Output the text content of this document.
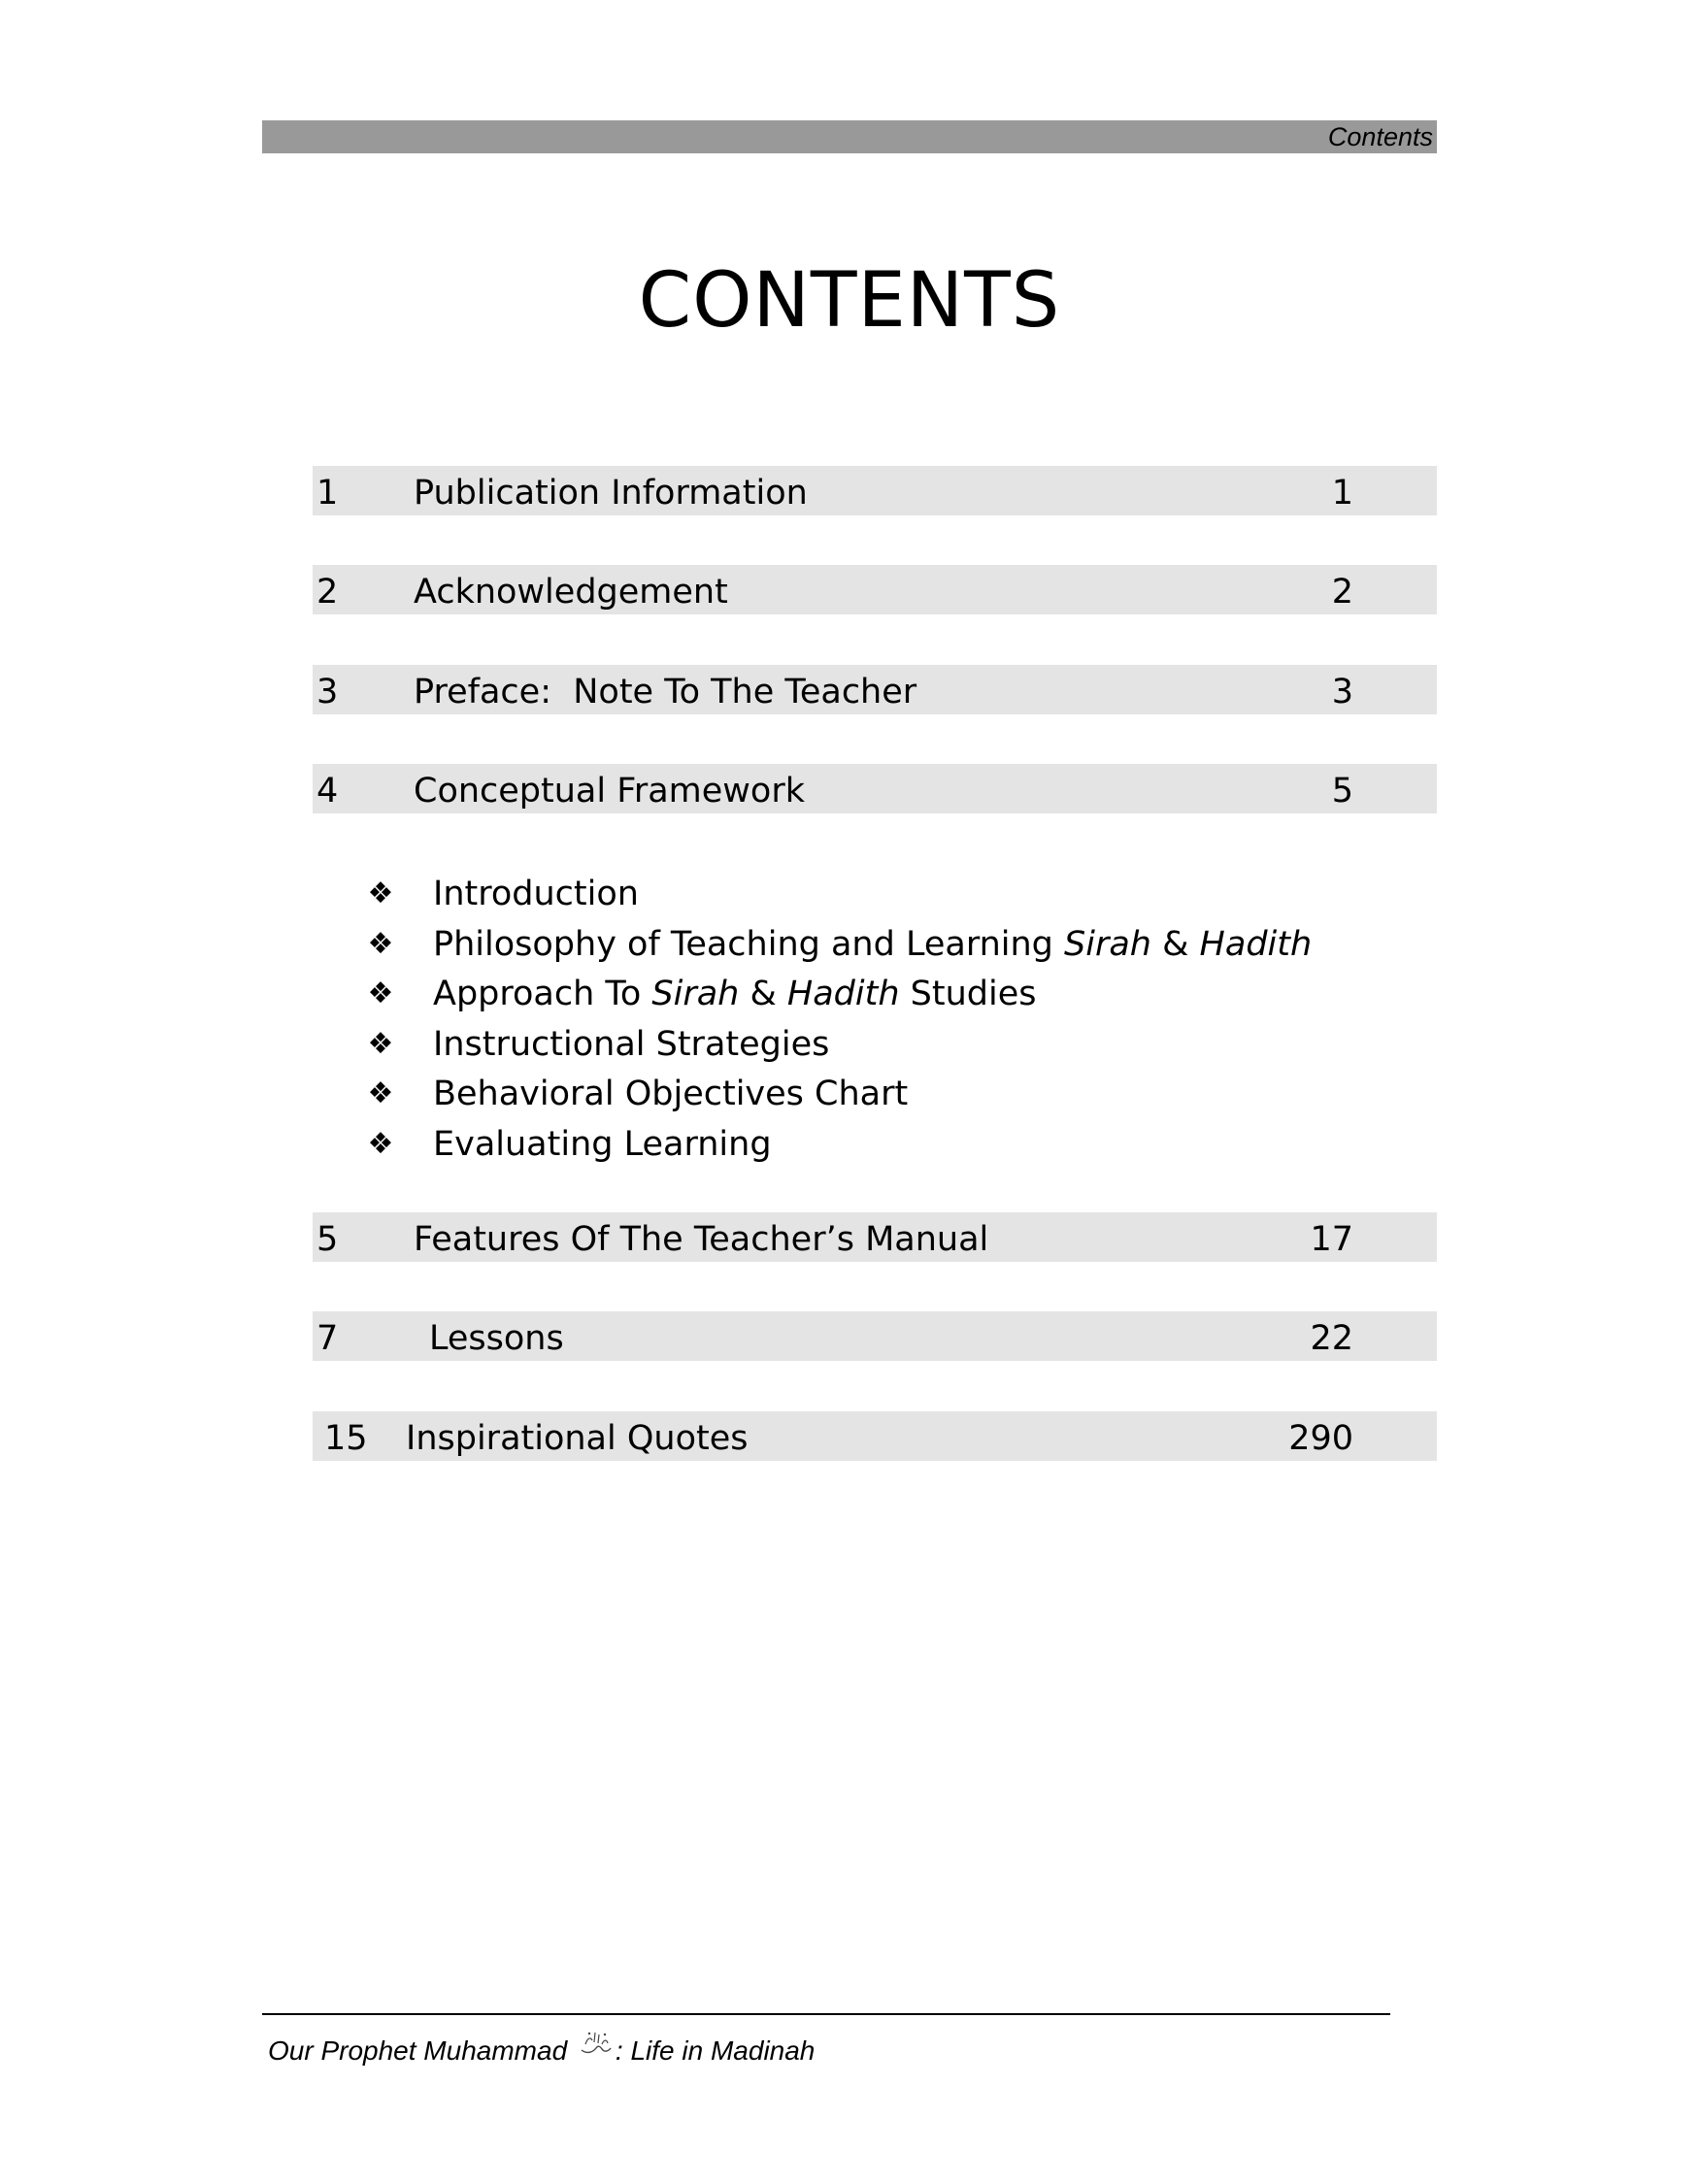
Contents
CONTENTS
1 Publication Information	1
2 Acknowledgement	2
3 Preface:  Note To The Teacher	3
4 Conceptual Framework	5
❖ Introduction
❖ Philosophy of Teaching and Learning Sirah & Hadith
❖ Approach To Sirah & Hadith Studies
❖ Instructional Strategies
❖ Behavioral Objectives Chart
❖ Evaluating Learning
5 Features Of The Teacher’s Manual	17
7	Lessons	22
15 Inspirational Quotes	290
Our Prophet Muhammad : Life in Madinah
